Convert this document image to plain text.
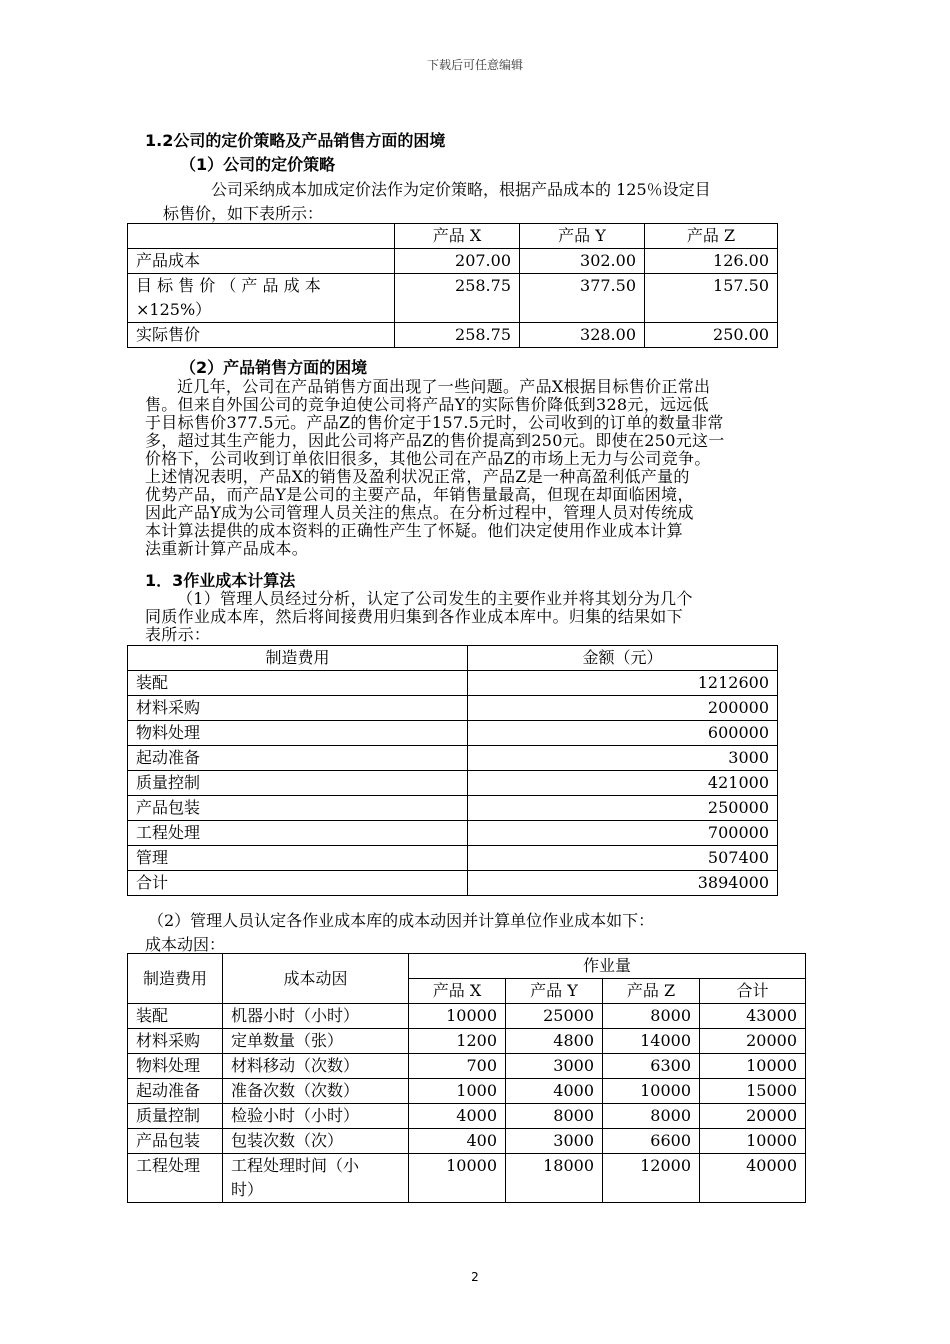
下载后可任意编辑
1.2公司的定价策略及产品销售方面的困境
（1）公司的定价策略
公司采纳成本加成定价法作为定价策略，根据产品成本的 125％设定目
标售价，如下表所示：
	产品 X	产品 Y	产品 Z
产品成本	207.00	302.00	126.00

目 标 售 价 （ 产 品 成 本
×125%）	258.75	377.50	157.50
实际售价	258.75	328.00	250.00
（2）产品销售方面的困境
近几年，公司在产品销售方面出现了一些问题。产品X根据目标售价正常出
售。但来自外国公司的竞争迫使公司将产品Y的实际售价降低到328元，远远低
于目标售价377.5元。产品Z的售价定于157.5元时，公司收到的订单的数量非常
多，超过其生产能力，因此公司将产品Z的售价提高到250元。即使在250元这一
价格下，公司收到订单依旧很多，其他公司在产品Z的市场上无力与公司竞争。
上述情况表明，产品X的销售及盈利状况正常，产品Z是一种高盈利低产量的
优势产品，而产品Y是公司的主要产品，年销售量最高，但现在却面临困境，
因此产品Y成为公司管理人员关注的焦点。在分析过程中，管理人员对传统成
本计算法提供的成本资料的正确性产生了怀疑。他们决定使用作业成本计算
法重新计算产品成本。
1．3作业成本计算法
（1）管理人员经过分析，认定了公司发生的主要作业并将其划分为几个
同质作业成本库，然后将间接费用归集到各作业成本库中。归集的结果如下
表所示：
制造费用	金额（元）
装配	1212600
材料采购	200000
物料处理	600000
起动准备	3000
质量控制	421000
产品包装	250000
工程处理	700000
管理	507400
合计	3894000
（2）管理人员认定各作业成本库的成本动因并计算单位作业成本如下：
成本动因：
制造费用	成本动因	作业量			
		产品 X	产品 Y	产品 Z	合计
装配	机器小时（小时）	10000	25000	8000	43000
材料采购	定单数量（张）	1200	4800	14000	20000
物料处理	材料移动（次数）	700	3000	6300	10000
起动准备	准备次数（次数）	1000	4000	10000	15000
质量控制	检验小时（小时）	4000	8000	8000	20000
产品包装	包装次数（次）	400	3000	6600	10000
工程处理	工程处理时间（小
时）	10000	18000	12000	40000
2
